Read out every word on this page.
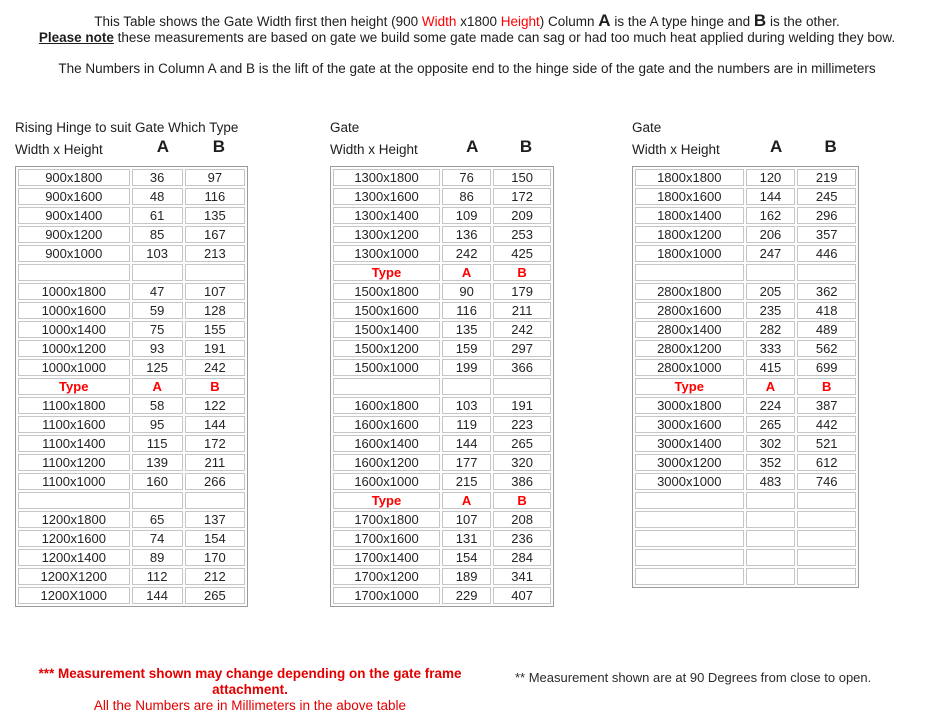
This Table shows the Gate Width first then height (900 Width x1800 Height) Column A is the A type hinge and B is the other.
Please note these measurements are based on gate we build some gate made can sag or had too much heat applied during welding they bow.
The Numbers in Column A and B is the lift of the gate at the opposite end to the hinge side of the gate and the numbers are in millimeters
Rising Hinge to suit Gate Which Type
Width x Height	A	B
900x1800	36	97
900x1600	48	116
900x1400	61	135
900x1200	85	167
900x1000	103	213

1000x1800	47	107
1000x1600	59	128
1000x1400	75	155
1000x1200	93	191
1000x1000	125	242
Type	A	B
1100x1800	58	122
1100x1600	95	144
1100x1400	115	172
1100x1200	139	211
1100x1000	160	266

1200x1800	65	137
1200x1600	74	154
1200x1400	89	170
1200X1200	112	212
1200X1000	144	265
Gate
Width x Height	A	B
1300x1800	76	150
1300x1600	86	172
1300x1400	109	209
1300x1200	136	253
1300x1000	242	425
Type	A	B
1500x1800	90	179
1500x1600	116	211
1500x1400	135	242
1500x1200	159	297
1500x1000	199	366

1600x1800	103	191
1600x1600	119	223
1600x1400	144	265
1600x1200	177	320
1600x1000	215	386
Type	A	B
1700x1800	107	208
1700x1600	131	236
1700x1400	154	284
1700x1200	189	341
1700x1000	229	407
Gate
Width x Height	A	B
1800x1800	120	219
1800x1600	144	245
1800x1400	162	296
1800x1200	206	357
1800x1000	247	446

2800x1800	205	362
2800x1600	235	418
2800x1400	282	489
2800x1200	333	562
2800x1000	415	699
Type	A	B
3000x1800	224	387
3000x1600	265	442
3000x1400	302	521
3000x1200	352	612
3000x1000	483	746

*** Measurement shown may change depending on the gate frame attachment.
All the Numbers are in Millimeters in the above table
** Measurement shown are at 90 Degrees from close to open.
